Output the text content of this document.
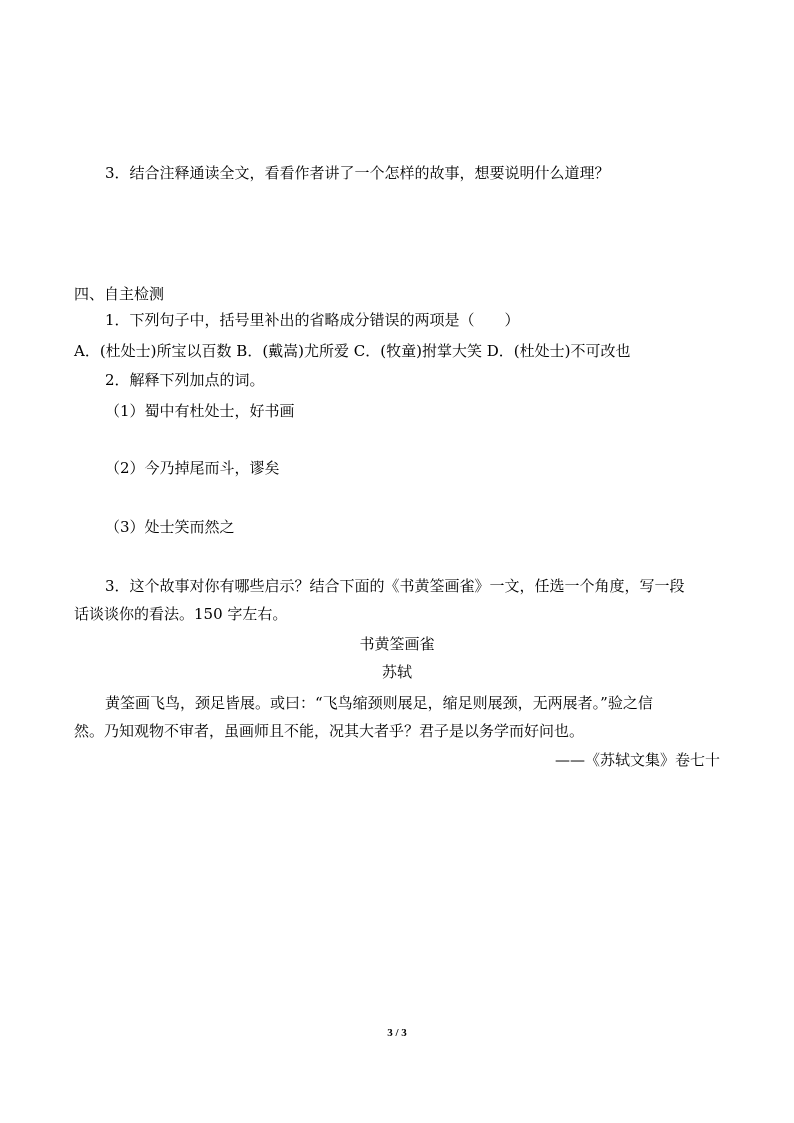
3．结合注释通读全文，看看作者讲了一个怎样的故事，想要说明什么道理？
四、自主检测
1．下列句子中，括号里补出的省略成分错误的两项是（　　）
A．(杜处士)所宝以百数 B．(戴嵩)尤所爱 C．(牧童)拊掌大笑 D．(杜处士)不可改也
2．解释下列加点的词。
（1）蜀中有杜处士，好书画
（2）今乃掉尾而斗，谬矣
（3）处士笑而然之
3．这个故事对你有哪些启示？结合下面的《书黄筌画雀》一文，任选一个角度，写一段
话谈谈你的看法。150 字左右。
书黄筌画雀
苏轼
黄筌画飞鸟，颈足皆展。或曰：“飞鸟缩颈则展足，缩足则展颈，无两展者。”验之信
然。乃知观物不审者，虽画师且不能，况其大者乎？君子是以务学而好问也。
——《苏轼文集》卷七十
3 / 3
